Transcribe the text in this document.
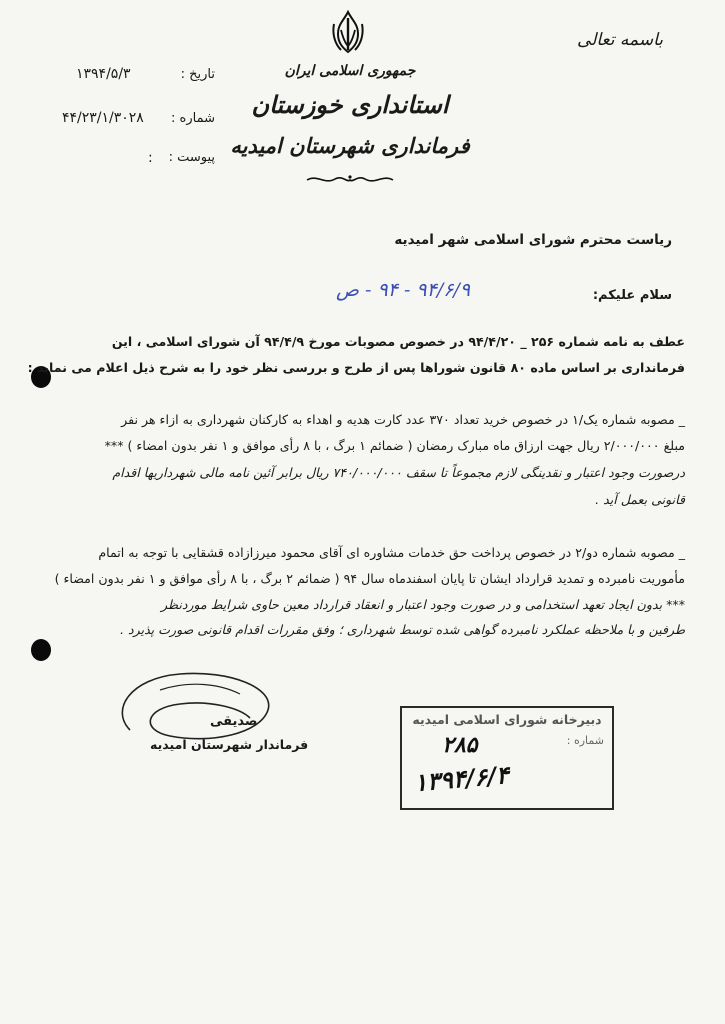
باسمه تعالی
جمهوری اسلامی ایران
استانداری خوزستان
فرمانداری شهرستان امیدیه
تاریخ :
۱۳۹۴/۵/۳
شماره :
۴۴/۲۳/۱/۳۰۲۸
پیوست :
:
ریاست محترم شورای اسلامی شهر امیدیه
۹۴/۶/۹ - ۹۴ - ص	سلام علیکم:
عطف به نامه شماره ۲۵۶ _ ۹۴/۴/۲۰ در خصوص مصوبات مورخ ۹۴/۴/۹ آن شورای اسلامی ، این
فرمانداری بر اساس ماده ۸۰ قانون شوراها پس از طرح و بررسی نظر خود را به شرح ذیل اعلام می نماید :
_ مصوبه شماره یک/۱ در خصوص خرید تعداد ۳۷۰ عدد کارت هدیه و اهداء به کارکنان شهرداری به ازاء هر نفر
مبلغ ۲/۰۰۰/۰۰۰ ریال جهت ارزاق ماه مبارک رمضان ( ضمائم ۱ برگ ، با ۸ رأی موافق و ۱ نفر بدون امضاء ) ***
درصورت وجود اعتبار و نقدینگی لازم مجموعاً تا سقف ۷۴۰/۰۰۰/۰۰۰ ریال برابر آئین نامه مالی شهرداریها اقدام
قانونی بعمل آید .
_ مصوبه شماره دو/۲ در خصوص پرداخت حق خدمات مشاوره ای آقای محمود میرزازاده قشقایی با توجه به اتمام
مأموریت نامبرده و تمدید قرارداد ایشان تا پایان اسفندماه سال ۹۴ ( ضمائم ۲ برگ ، با ۸ رأی موافق و ۱ نفر بدون امضاء )
*** بدون ایجاد تعهد استخدامی و در صورت وجود اعتبار و انعقاد قرارداد معین حاوی شرایط موردنظر
طرفین و با ملاحظه عملکرد نامبرده گواهی شده توسط شهرداری ؛ وفق مقررات اقدام قانونی صورت پذیرد .
صدیقی
فرماندار شهرستان امیدیه
دبیرخانه شورای اسلامی امیدیه
شماره :
۲۸۵
۱۳۹۴/۶/۴
